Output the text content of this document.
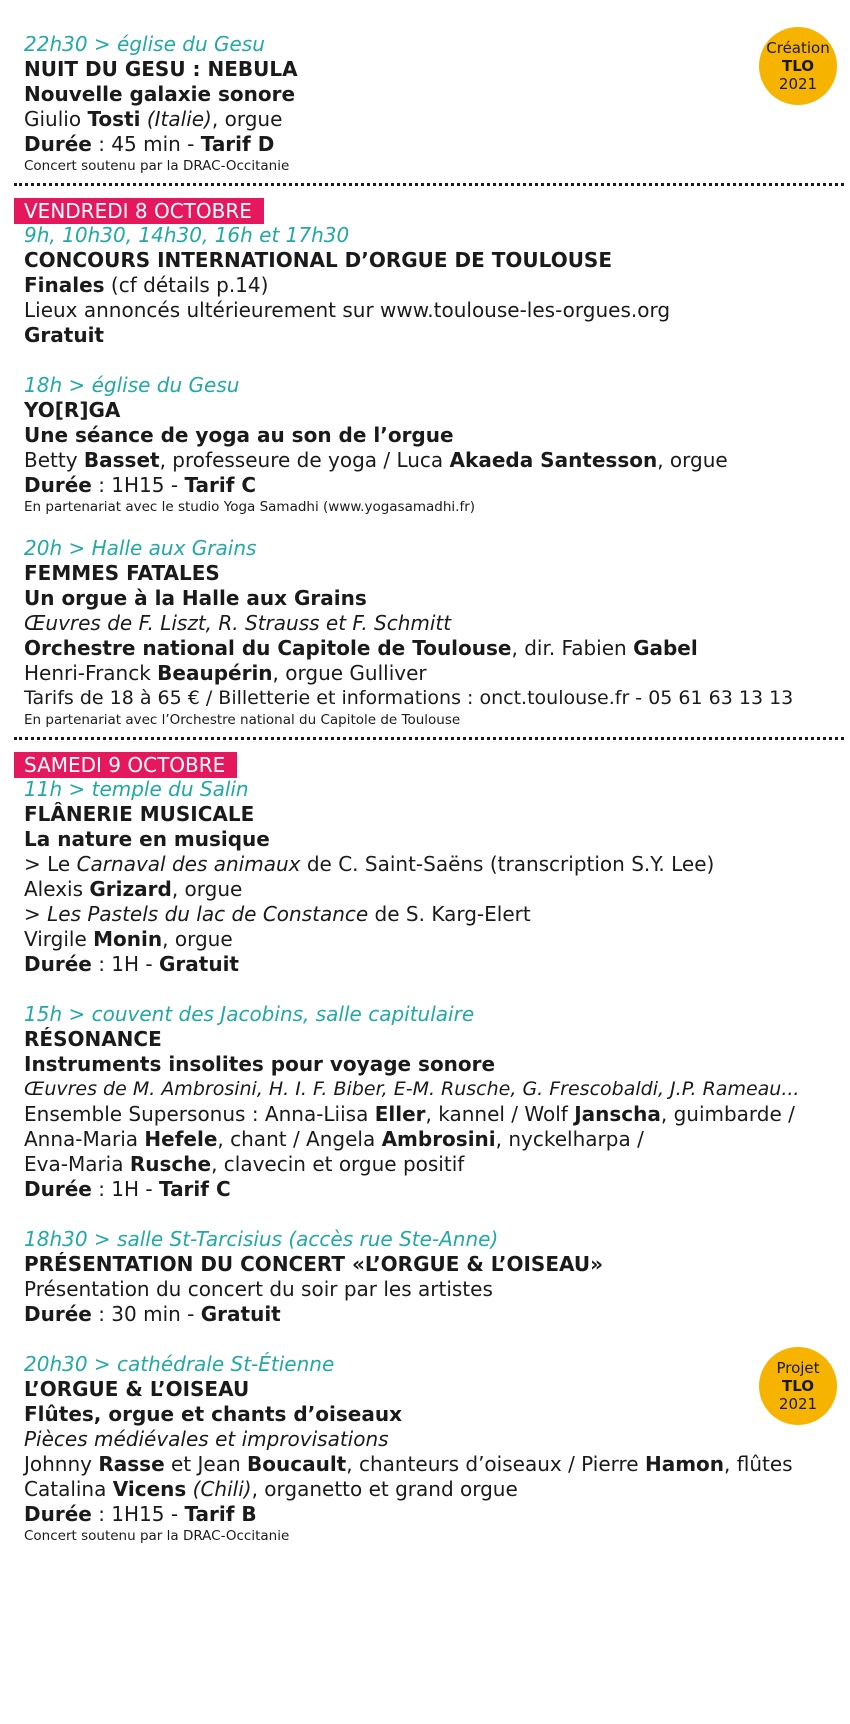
Création
TLO
2021
Projet
TLO
2021
22h30 > église du Gesu
NUIT DU GESU : NEBULA
Nouvelle galaxie sonore
Giulio Tosti (Italie), orgue
Durée : 45 min - Tarif D
Concert soutenu par la DRAC-Occitanie
VENDREDI 8 OCTOBRE
9h, 10h30, 14h30, 16h et 17h30
CONCOURS INTERNATIONAL D’ORGUE DE TOULOUSE
Finales (cf détails p.14)
Lieux annoncés ultérieurement sur www.toulouse-les-orgues.org
Gratuit
18h > église du Gesu
YO[R]GA
Une séance de yoga au son de l’orgue
Betty Basset, professeure de yoga / Luca Akaeda Santesson, orgue
Durée : 1H15 - Tarif C
En partenariat avec le studio Yoga Samadhi (www.yogasamadhi.fr)
20h > Halle aux Grains
FEMMES FATALES
Un orgue à la Halle aux Grains
Œuvres de F. Liszt, R. Strauss et F. Schmitt
Orchestre national du Capitole de Toulouse, dir. Fabien Gabel
Henri-Franck Beaupérin, orgue Gulliver
Tarifs de 18 à 65 € / Billetterie et informations : onct.toulouse.fr - 05 61 63 13 13
En partenariat avec l’Orchestre national du Capitole de Toulouse
SAMEDI 9 OCTOBRE
11h > temple du Salin
FLÂNERIE MUSICALE
La nature en musique
> Le Carnaval des animaux de C. Saint-Saëns (transcription S.Y. Lee)
Alexis Grizard, orgue
> Les Pastels du lac de Constance de S. Karg-Elert
Virgile Monin, orgue
Durée : 1H - Gratuit
15h > couvent des Jacobins, salle capitulaire
RÉSONANCE
Instruments insolites pour voyage sonore
Œuvres de M. Ambrosini, H. I. F. Biber, E-M. Rusche, G. Frescobaldi, J.P. Rameau...
Ensemble Supersonus : Anna-Liisa Eller, kannel / Wolf Janscha, guimbarde /
Anna-Maria Hefele, chant / Angela Ambrosini, nyckelharpa /
Eva-Maria Rusche, clavecin et orgue positif
Durée : 1H - Tarif C
18h30 > salle St-Tarcisius (accès rue Ste-Anne)
PRÉSENTATION DU CONCERT «L’ORGUE & L’OISEAU»
Présentation du concert du soir par les artistes
Durée : 30 min - Gratuit
20h30 > cathédrale St-Étienne
L’ORGUE & L’OISEAU
Flûtes, orgue et chants d’oiseaux
Pièces médiévales et improvisations
Johnny Rasse et Jean Boucault, chanteurs d’oiseaux / Pierre Hamon, flûtes
Catalina Vicens (Chili), organetto et grand orgue
Durée : 1H15 - Tarif B
Concert soutenu par la DRAC-Occitanie
